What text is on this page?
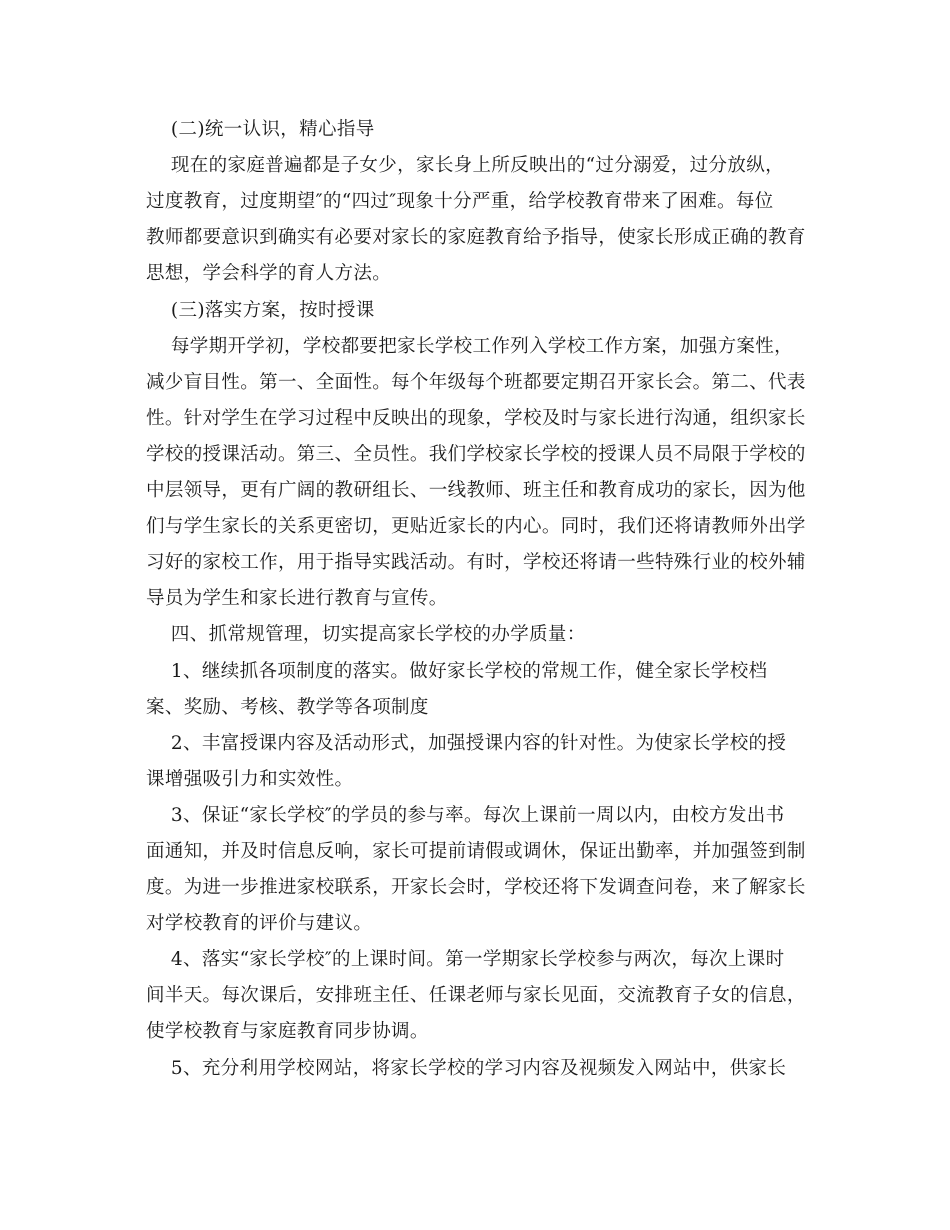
(二)统一认识，精心指导
现在的家庭普遍都是子女少，家长身上所反映出的“过分溺爱，过分放纵，
过度教育，过度期望″的“四过″现象十分严重，给学校教育带来了困难。每位
教师都要意识到确实有必要对家长的家庭教育给予指导，使家长形成正确的教育
思想，学会科学的育人方法。
(三)落实方案，按时授课
每学期开学初，学校都要把家长学校工作列入学校工作方案，加强方案性，
减少盲目性。第一、全面性。每个年级每个班都要定期召开家长会。第二、代表
性。针对学生在学习过程中反映出的现象，学校及时与家长进行沟通，组织家长
学校的授课活动。第三、全员性。我们学校家长学校的授课人员不局限于学校的
中层领导，更有广阔的教研组长、一线教师、班主任和教育成功的家长，因为他
们与学生家长的关系更密切，更贴近家长的内心。同时，我们还将请教师外出学
习好的家校工作，用于指导实践活动。有时，学校还将请一些特殊行业的校外辅
导员为学生和家长进行教育与宣传。
四、抓常规管理，切实提高家长学校的办学质量：
1、继续抓各项制度的落实。做好家长学校的常规工作，健全家长学校档
案、奖励、考核、教学等各项制度
2、丰富授课内容及活动形式，加强授课内容的针对性。为使家长学校的授
课增强吸引力和实效性。
3、保证“家长学校″的学员的参与率。每次上课前一周以内，由校方发出书
面通知，并及时信息反响，家长可提前请假或调休，保证出勤率，并加强签到制
度。为进一步推进家校联系，开家长会时，学校还将下发调查问卷，来了解家长
对学校教育的评价与建议。
4、落实“家长学校″的上课时间。第一学期家长学校参与两次，每次上课时
间半天。每次课后，安排班主任、任课老师与家长见面，交流教育子女的信息，
使学校教育与家庭教育同步协调。
5、充分利用学校网站，将家长学校的学习内容及视频发入网站中，供家长
